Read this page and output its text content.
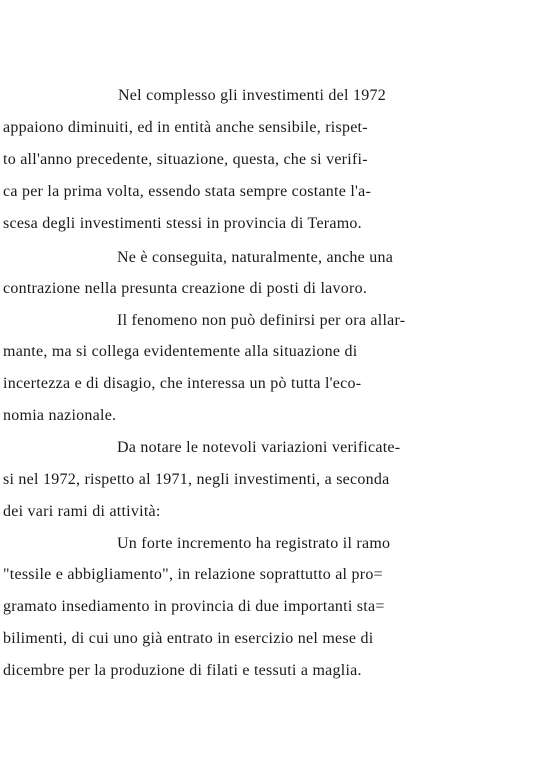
Nel complesso gli investimenti del 1972
appaiono diminuiti, ed in entità anche sensibile, rispet-
to all'anno precedente, situazione, questa, che si verifi-
ca per la prima volta, essendo stata sempre costante l'a-
scesa degli investimenti stessi in provincia di Teramo.
Ne è conseguita, naturalmente, anche una
contrazione nella presunta creazione di posti di lavoro.
Il fenomeno non può definirsi per ora allar-
mante, ma si collega evidentemente alla situazione di
incertezza e di disagio, che interessa un pò tutta l'eco-
nomia nazionale.
Da notare le notevoli variazioni verificate-
si nel 1972, rispetto al 1971, negli investimenti, a seconda
dei vari rami di attività:
Un forte incremento ha registrato il ramo
"tessile e abbigliamento", in relazione soprattutto al pro=
gramato insediamento in provincia di due importanti sta=
bilimenti, di cui uno già entrato in esercizio nel mese di
dicembre per la produzione di filati e tessuti a maglia.
